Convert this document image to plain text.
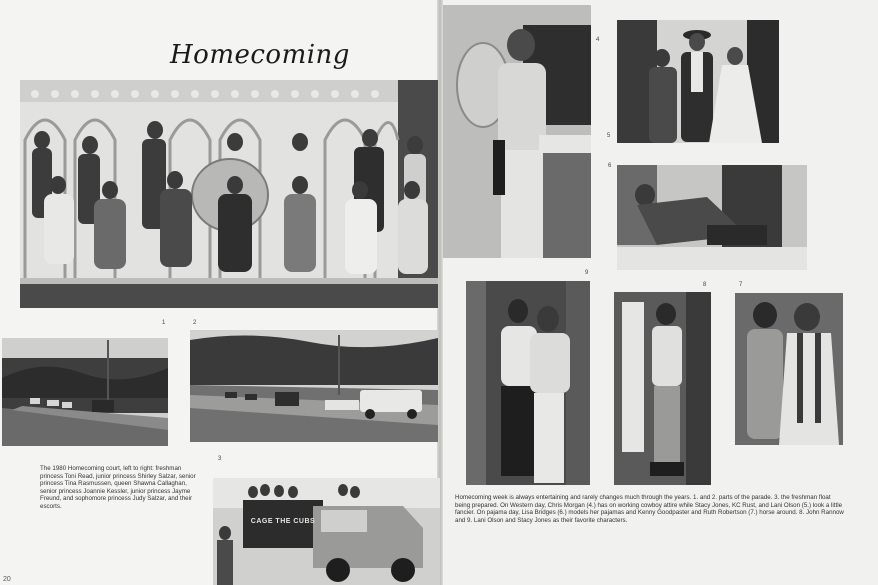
Homecoming
CAGE THE CUBS
1	2
3
4
5
6
7
8
9
The 1980 Homecoming court, left to right: freshman princess Toni Read, junior princess Shirley Salzar, senior princess Tina Rasmussen, queen Shawna Callaghan, senior princess Joannie Kessler, junior princess Jayme Freund, and sophomore princess Judy Salzar, and their escorts.
Homecoming week is always entertaining and rarely changes much through the years. 1. and 2. parts of the parade. 3. the freshman float being prepared. On Western day, Chris Morgan (4.) has on working cowboy attire while Stacy Jones, KC Rust, and Lani Olson (5.) look a little fancier. On pajama day, Lisa Bridges (6.) models her pajamas and Kenny Goodpaster and Ruth Robertson (7.) horse around. 8. John Rannow and 9. Lani Olson and Stacy Jones as their favorite characters.
20
